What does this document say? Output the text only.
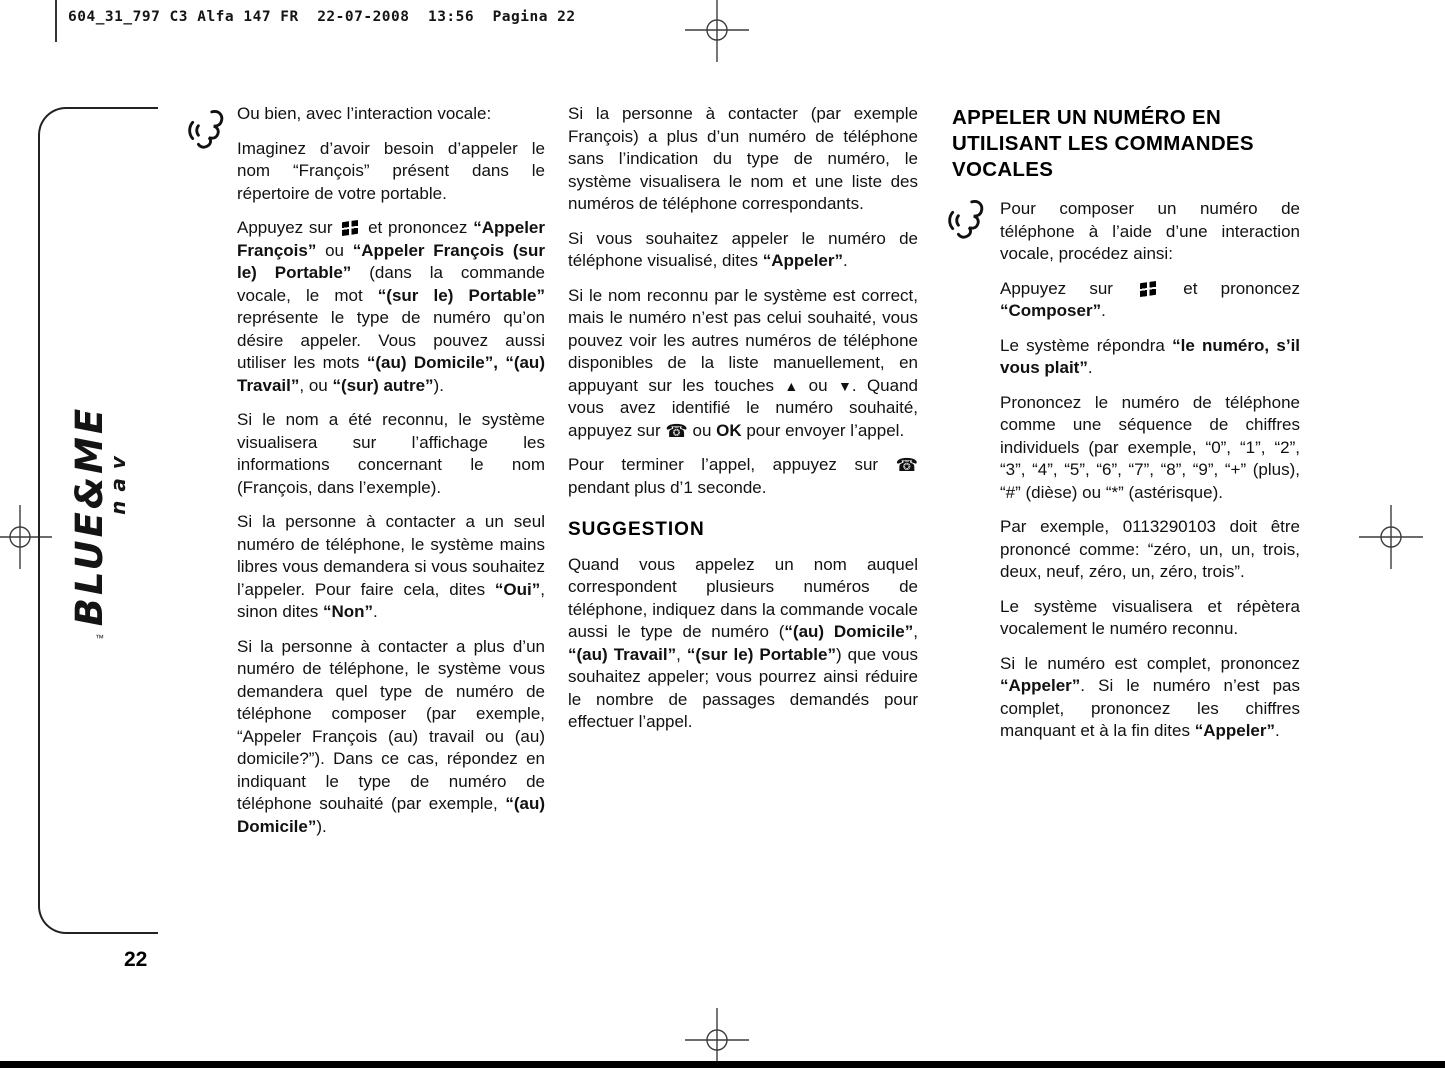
604_31_797 C3 Alfa 147 FR  22-07-2008  13:56  Pagina 22
BLUE&ME
nav
™
22

Ou bien, avec l’interaction vocale:

Imaginez d’avoir besoin d’appeler le nom “François” présent dans le répertoire de votre portable.

Appuyez sur  et prononcez “Appeler François” ou “Appeler François (sur le) Portable” (dans la commande vocale, le mot “(sur le) Portable” représente le type de numéro qu’on désire appeler. Vous pouvez aussi utiliser les mots “(au) Domicile”, “(au) Travail”, ou “(sur) autre”).

Si le nom a été reconnu, le système visualisera sur l’affichage les informations concernant le nom (François, dans l’exemple).

Si la personne à contacter a un seul numéro de téléphone, le système mains libres vous demandera si vous souhaitez l’appeler. Pour faire cela, dites “Oui”, sinon dites “Non”.

Si la personne à contacter a plus d’un numéro de téléphone, le système vous demandera quel type de numéro de téléphone composer (par exemple, “Appeler François (au) travail ou (au) domicile?”). Dans ce cas, répondez en indiquant le type de numéro de téléphone souhaité (par exemple, “(au) Domicile”).

Si la personne à contacter (par exemple François) a plus d’un numéro de téléphone sans l’indication du type de numéro, le système visualisera le nom et une liste des numéros de téléphone correspondants.

Si vous souhaitez appeler le numéro de téléphone visualisé, dites “Appeler”.

Si le nom reconnu par le système est correct, mais le numéro n’est pas celui souhaité, vous pouvez voir les autres numéros de téléphone disponibles de la liste manuellement, en appuyant sur les touches ▲ ou ▼. Quand vous avez identifié le numéro souhaité, appuyez sur ☎ ou OK pour envoyer l’appel.

Pour terminer l’appel, appuyez sur ☎ pendant plus d’1 seconde.

SUGGESTION

Quand vous appelez un nom auquel correspondent plusieurs numéros de téléphone, indiquez dans la commande vocale aussi le type de numéro (“(au) Domicile”, “(au) Travail”, “(sur le) Portable”) que vous souhaitez appeler; vous pourrez ainsi réduire le nombre de passages demandés pour effectuer l’appel.

APPELER UN NUMÉRO EN UTILISANT LES COMMANDES VOCALES

Pour composer un numéro de téléphone à l’aide d’une interaction vocale, procédez ainsi:

Appuyez sur  et prononcez “Composer”.

Le système répondra “le numéro, s’il vous plait”.

Prononcez le numéro de téléphone comme une séquence de chiffres individuels (par exemple, “0”, “1”, “2”, “3”, “4”, “5”, “6”, “7”, “8”, “9”, “+” (plus), “#” (dièse) ou “*” (astérisque).

Par exemple, 0113290103 doit être prononcé comme: “zéro, un, un, trois, deux, neuf, zéro, un, zéro, trois”.

Le système visualisera et répètera vocalement le numéro reconnu.

Si le numéro est complet, prononcez “Appeler”. Si le numéro n’est pas complet, prononcez les chiffres manquant et à la fin dites “Appeler”.
